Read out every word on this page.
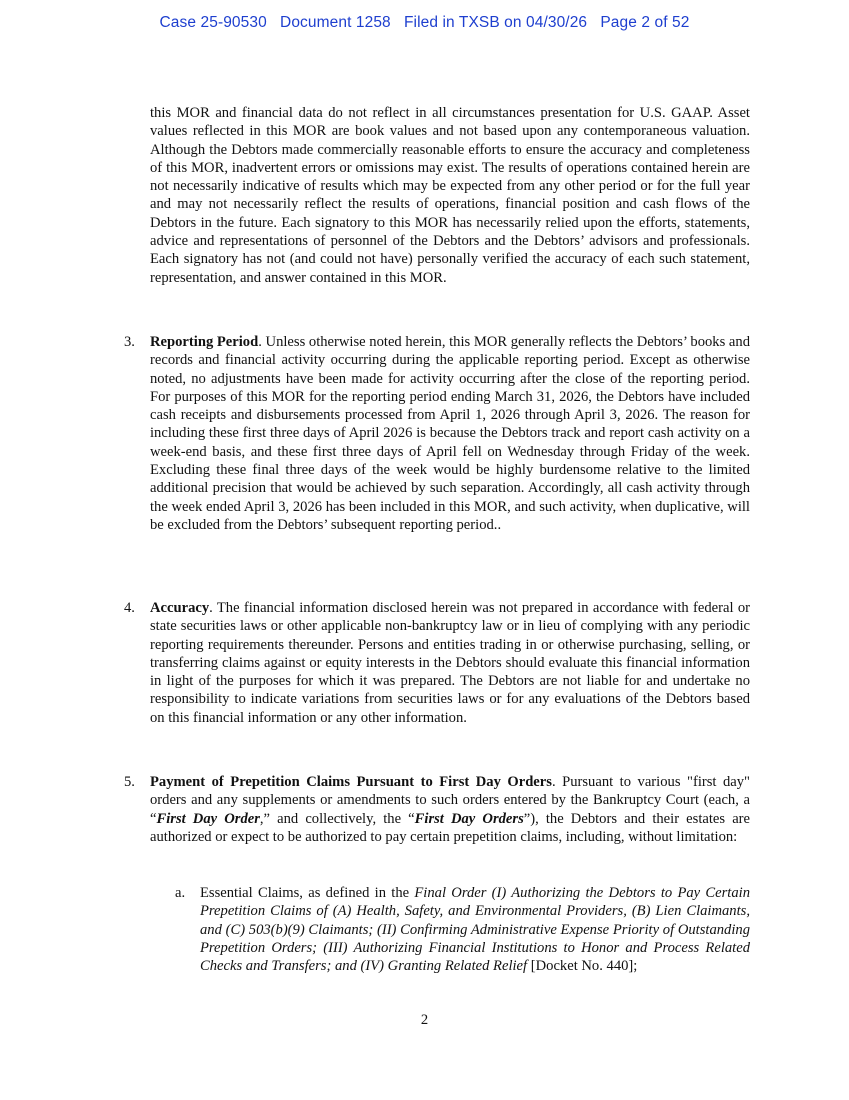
Case 25-90530   Document 1258   Filed in TXSB on 04/30/26   Page 2 of 52
this MOR and financial data do not reflect in all circumstances presentation for U.S. GAAP. Asset values reflected in this MOR are book values and not based upon any contemporaneous valuation. Although the Debtors made commercially reasonable efforts to ensure the accuracy and completeness of this MOR, inadvertent errors or omissions may exist. The results of operations contained herein are not necessarily indicative of results which may be expected from any other period or for the full year and may not necessarily reflect the results of operations, financial position and cash flows of the Debtors in the future. Each signatory to this MOR has necessarily relied upon the efforts, statements, advice and representations of personnel of the Debtors and the Debtors’ advisors and professionals. Each signatory has not (and could not have) personally verified the accuracy of each such statement, representation, and answer contained in this MOR.
3. Reporting Period. Unless otherwise noted herein, this MOR generally reflects the Debtors’ books and records and financial activity occurring during the applicable reporting period. Except as otherwise noted, no adjustments have been made for activity occurring after the close of the reporting period. For purposes of this MOR for the reporting period ending March 31, 2026, the Debtors have included cash receipts and disbursements processed from April 1, 2026 through April 3, 2026. The reason for including these first three days of April 2026 is because the Debtors track and report cash activity on a week-end basis, and these first three days of April fell on Wednesday through Friday of the week. Excluding these final three days of the week would be highly burdensome relative to the limited additional precision that would be achieved by such separation. Accordingly, all cash activity through the week ended April 3, 2026 has been included in this MOR, and such activity, when duplicative, will be excluded from the Debtors’ subsequent reporting period..
4. Accuracy. The financial information disclosed herein was not prepared in accordance with federal or state securities laws or other applicable non-bankruptcy law or in lieu of complying with any periodic reporting requirements thereunder. Persons and entities trading in or otherwise purchasing, selling, or transferring claims against or equity interests in the Debtors should evaluate this financial information in light of the purposes for which it was prepared. The Debtors are not liable for and undertake no responsibility to indicate variations from securities laws or for any evaluations of the Debtors based on this financial information or any other information.
5. Payment of Prepetition Claims Pursuant to First Day Orders. Pursuant to various "first day" orders and any supplements or amendments to such orders entered by the Bankruptcy Court (each, a “First Day Order,” and collectively, the “First Day Orders”), the Debtors and their estates are authorized or expect to be authorized to pay certain prepetition claims, including, without limitation:
a. Essential Claims, as defined in the Final Order (I) Authorizing the Debtors to Pay Certain Prepetition Claims of (A) Health, Safety, and Environmental Providers, (B) Lien Claimants, and (C) 503(b)(9) Claimants; (II) Confirming Administrative Expense Priority of Outstanding Prepetition Orders; (III) Authorizing Financial Institutions to Honor and Process Related Checks and Transfers; and (IV) Granting Related Relief [Docket No. 440];
2
